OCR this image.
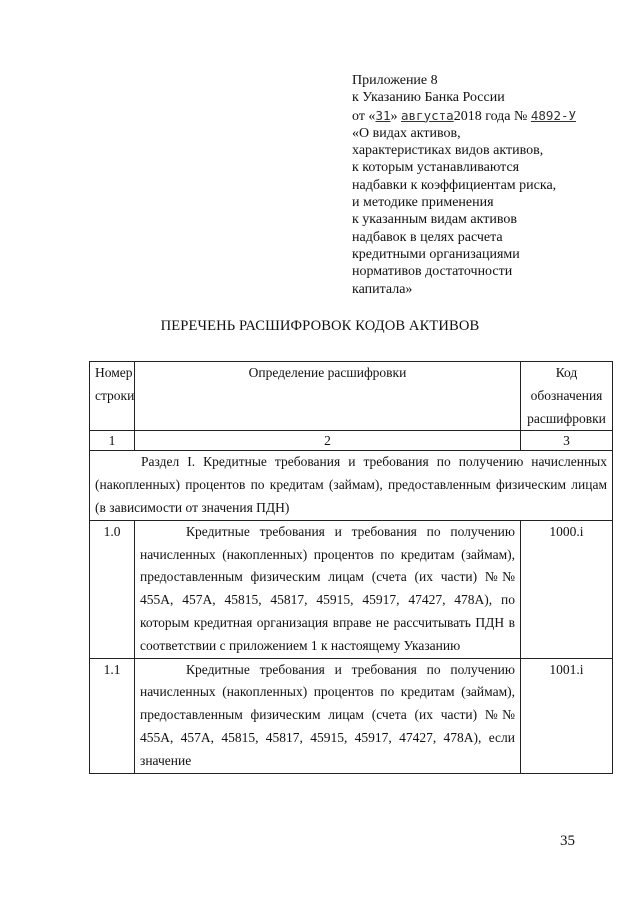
Приложение 8
к Указанию Банка России
от «31» августа2018 года № 4892-У
«О видах активов,
характеристиках видов активов,
к которым устанавливаются
надбавки к коэффициентам риска,
и методике применения
к указанным видам активов
надбавок в целях расчета
кредитными организациями
нормативов достаточности
капитала»
ПЕРЕЧЕНЬ РАСШИФРОВОК КОДОВ АКТИВОВ
Номер строки	Определение расшифровки	Код обозначения расшифровки
1	2	3
Раздел I. Кредитные требования и требования по получению начисленных (накопленных) процентов по кредитам (займам), предоставленным физическим лицам (в зависимости от значения ПДН)		
1.0	Кредитные требования и требования по получению начисленных (накопленных) процентов по кредитам (займам), предоставленным физическим лицам (счета (их части) №№ 455А, 457А, 45815, 45817, 45915, 45917, 47427, 478А), по которым кредитная организация вправе не рассчитывать ПДН в соответствии с приложением 1 к настоящему Указанию	1000.i
1.1	Кредитные требования и требования по получению начисленных (накопленных) процентов по кредитам (займам), предоставленным физическим лицам (счета (их части) №№ 455А, 457А, 45815, 45817, 45915, 45917, 47427, 478А), если значение	1001.i
35
